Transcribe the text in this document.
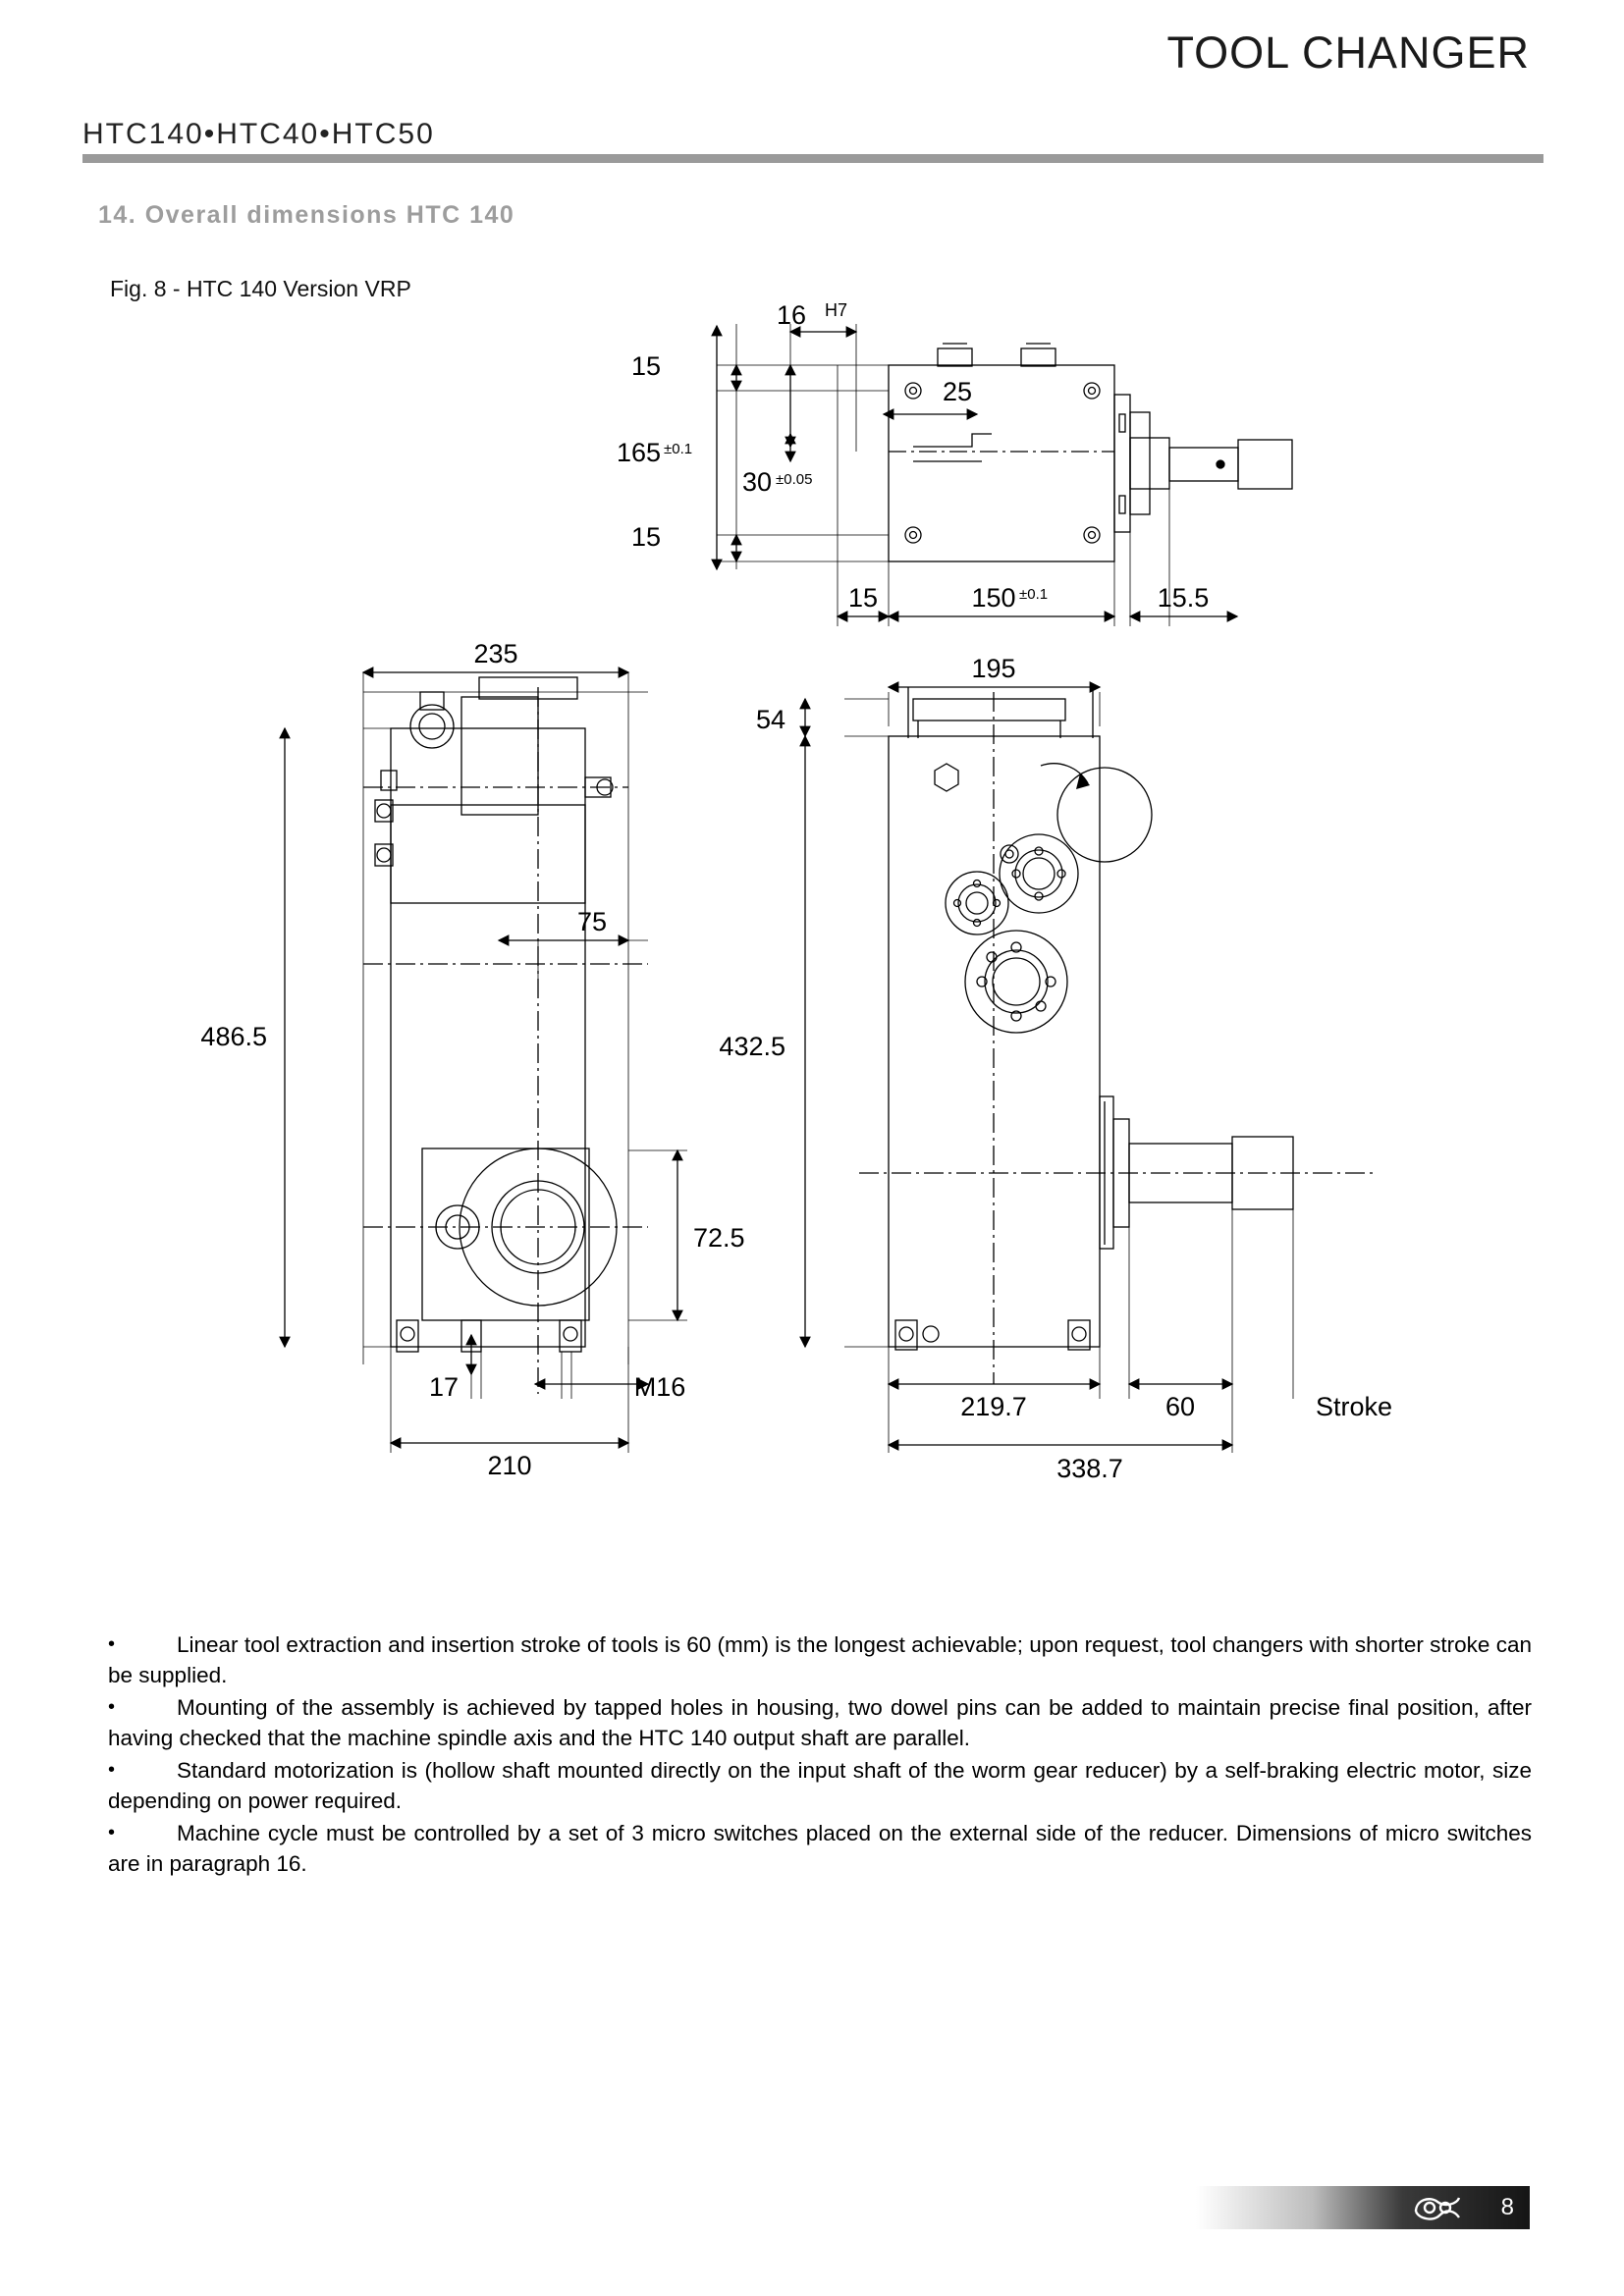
TOOL CHANGER
HTC140•HTC40•HTC50
14. Overall dimensions HTC 140
Fig. 8 - HTC 140 Version VRP
15
16 H7
25
165 ±0.1
30 ±0.05
15
15	150 ±0.1	15.5
235
486.5
75
72.5
17	M16
210
195
54
432.5
219.7	60	Stroke
338.7
•	Linear tool extraction and insertion stroke of tools is 60 (mm) is the longest achievable; upon request, tool changers with shorter stroke can be supplied.
•	Mounting of the assembly is achieved by tapped holes in housing, two dowel pins can be added to maintain precise final position, after having checked that the machine spindle axis and the HTC 140 output shaft are parallel.
•	Standard motorization is (hollow shaft mounted directly on the input shaft of the worm gear reducer) by a self-braking electric motor, size depending on power required.
•	Machine cycle must be controlled by a set of 3 micro switches placed on the external side of the reducer. Dimensions of micro switches are in paragraph 16.
8
